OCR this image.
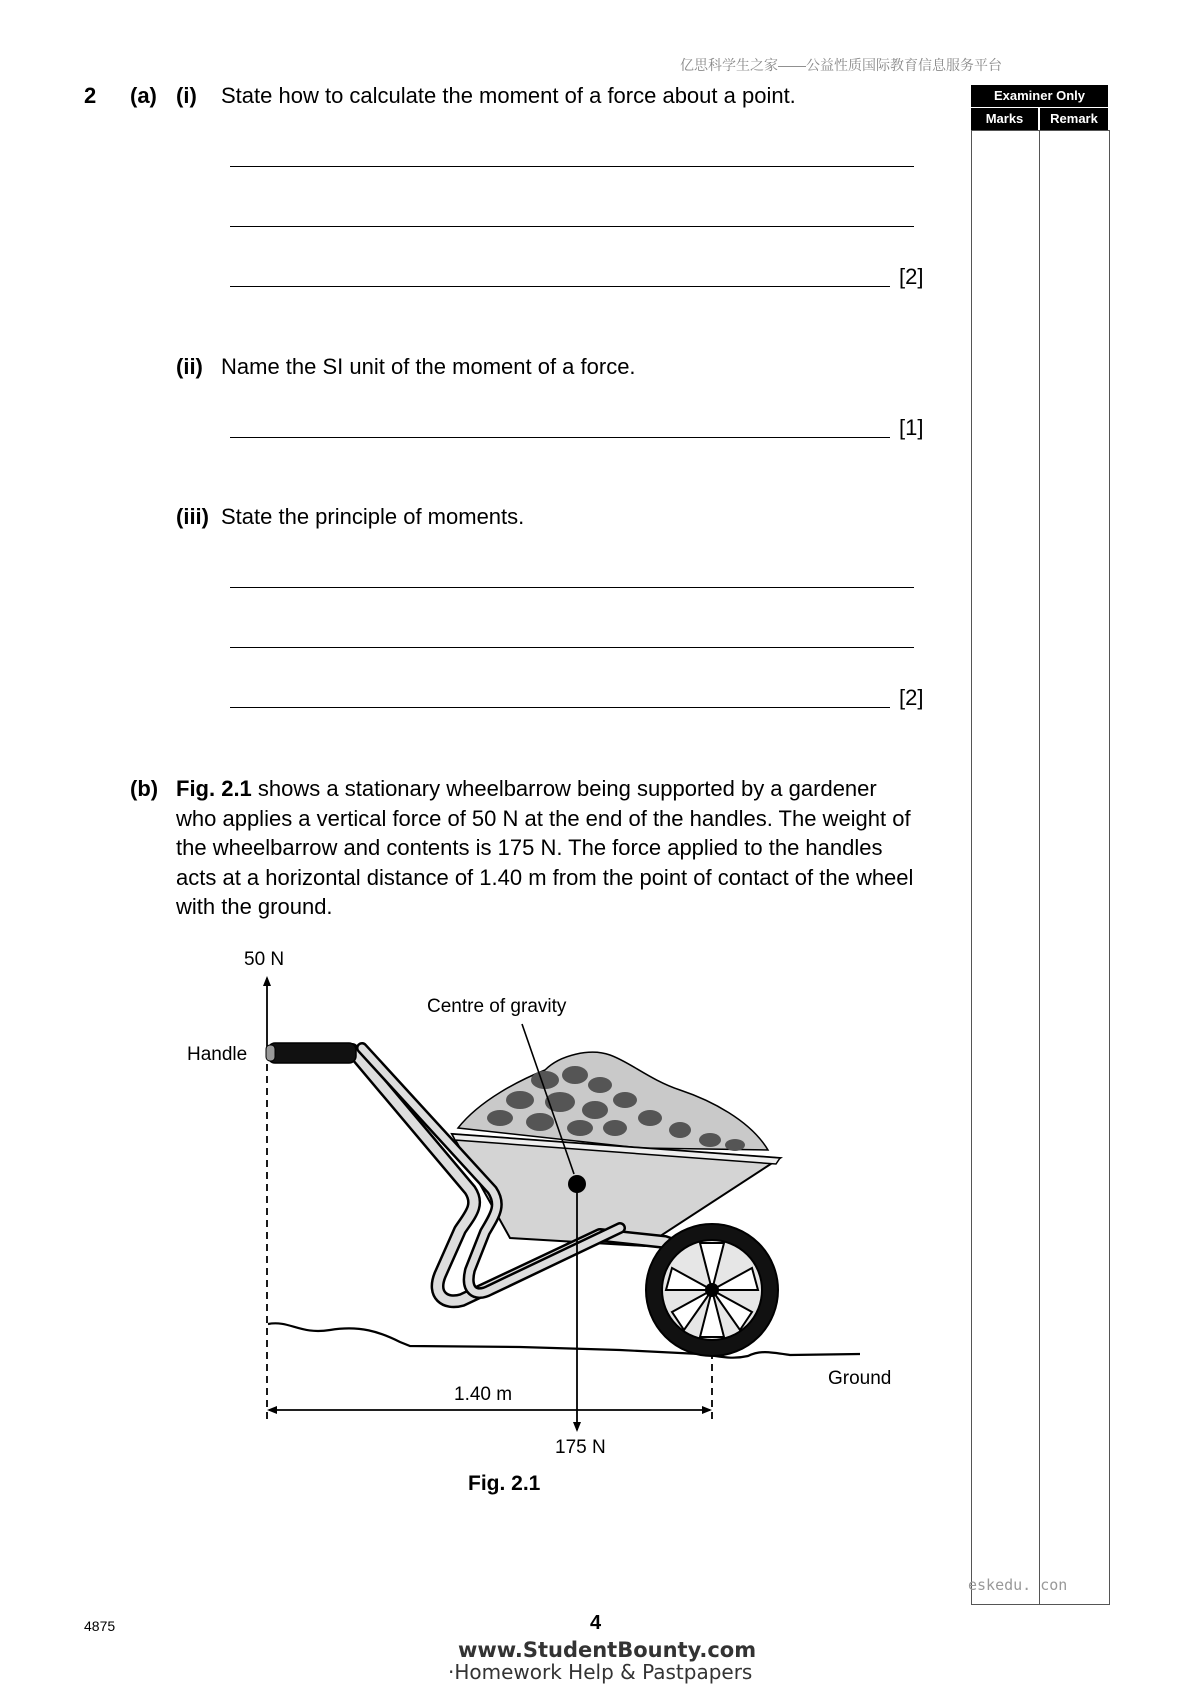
亿思科学生之家——公益性质国际教育信息服务平台
Examiner Only
Marks	Remark
2 (a) (i) State how to calculate the moment of a force about a point.
[2]
(ii) Name the SI unit of the moment of a force.
[1]
(iii) State the principle of moments.
[2]
(b) Fig. 2.1 shows a stationary wheelbarrow being supported by a gardener who applies a vertical force of 50 N at the end of the handles. The weight of the wheelbarrow and contents is 175 N. The force applied to the handles acts at a horizontal distance of 1.40 m from the point of contact of the wheel with the ground.
50 N
Handle
Centre of gravity
Ground
1.40 m
175 N
Fig. 2.1
eskedu. con
4875	4
www.StudentBounty.com
·Homework Help & Pastpapers
